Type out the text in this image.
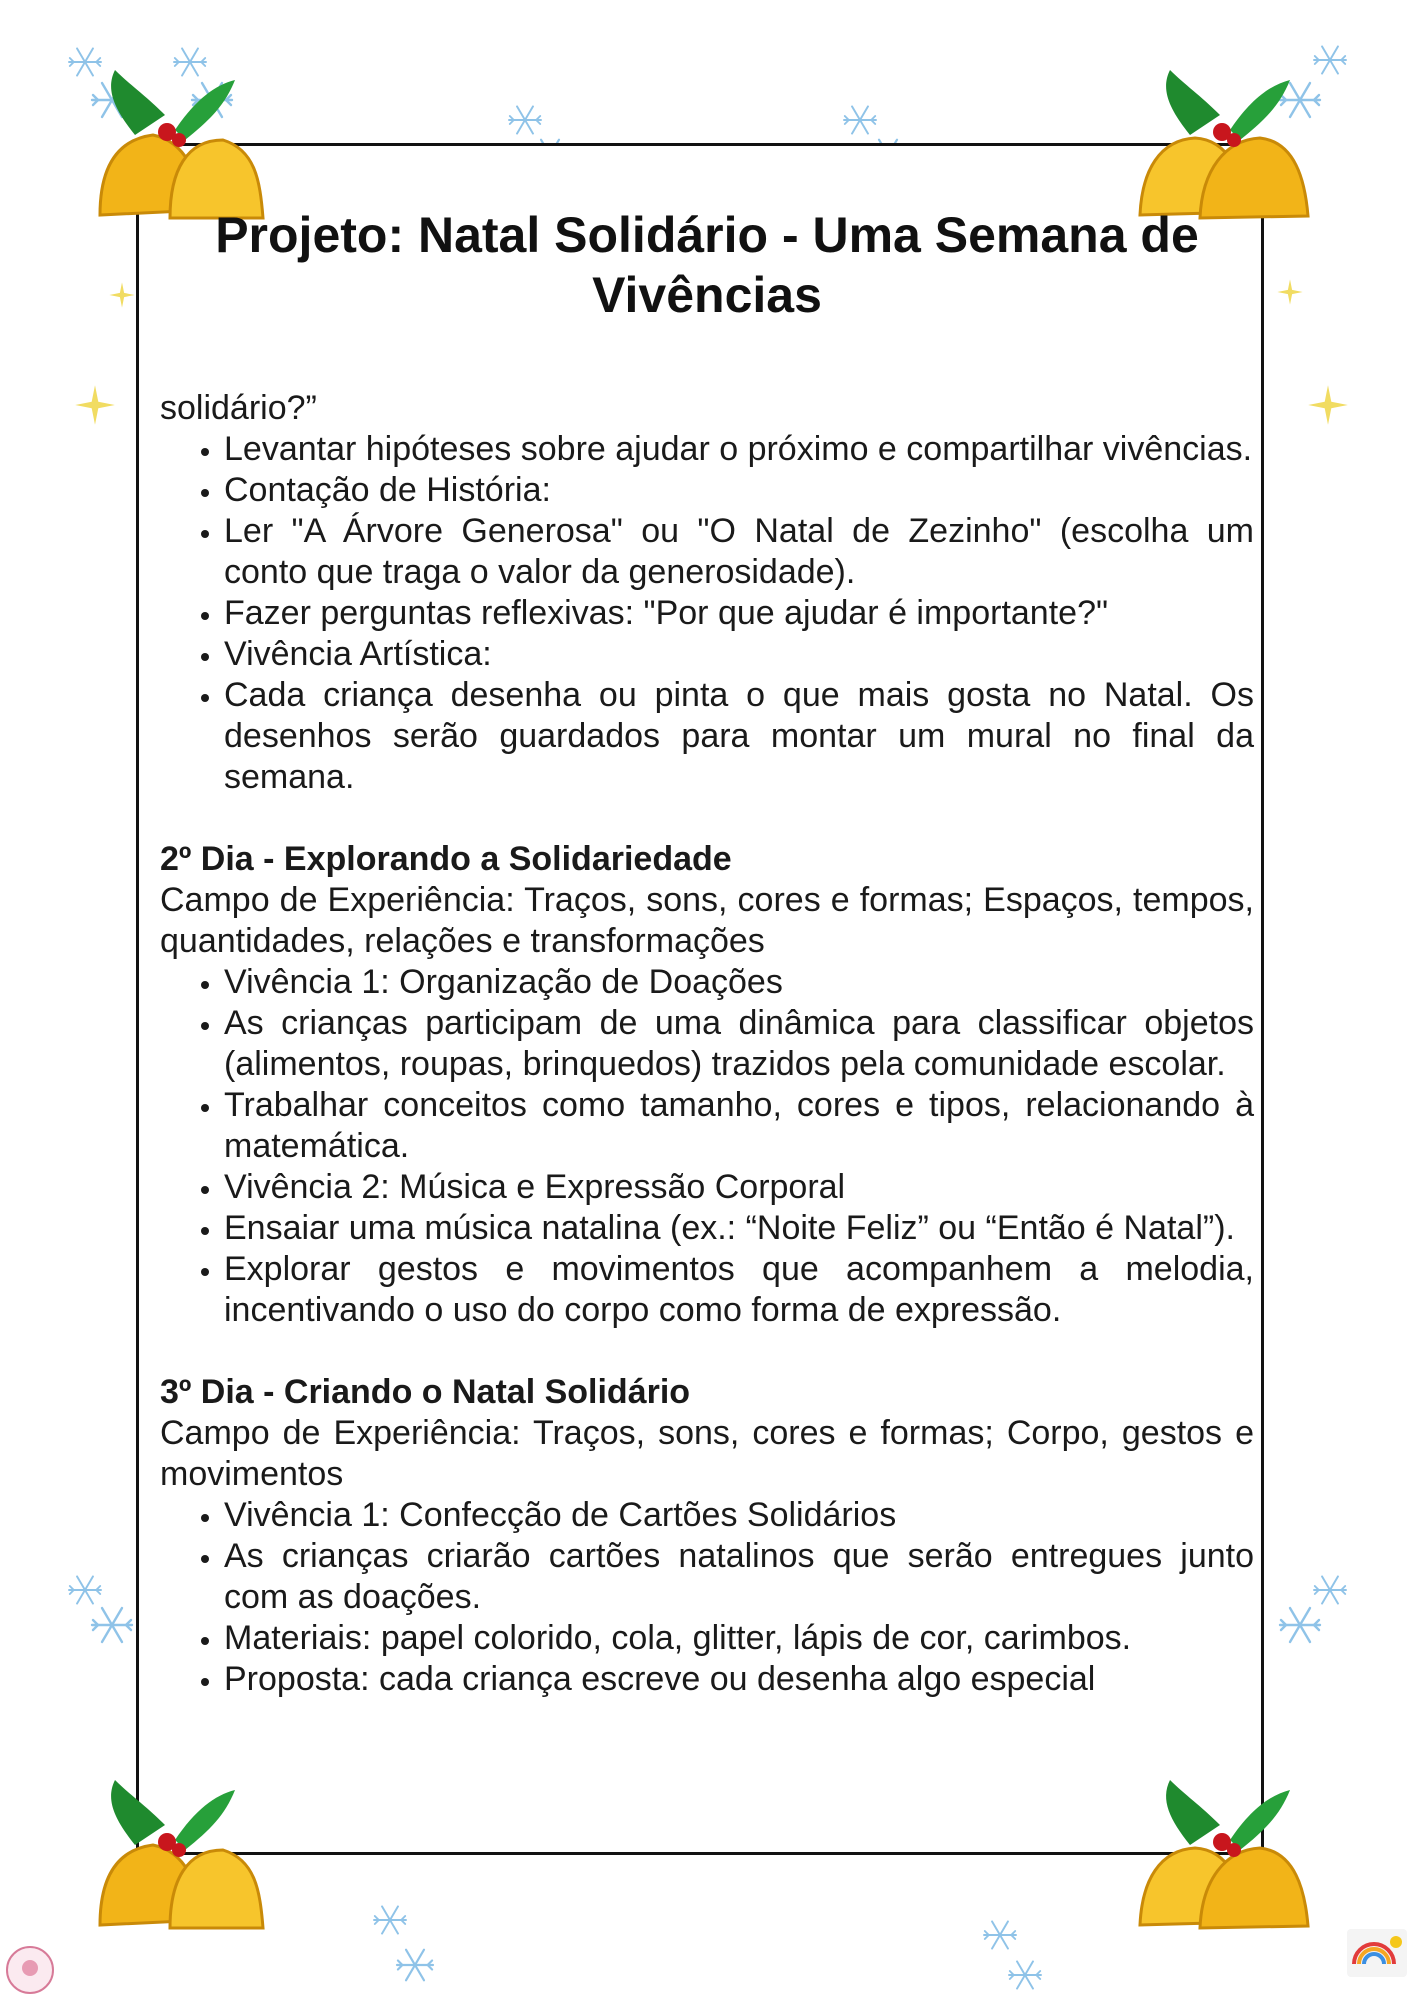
Projeto: Natal Solidário - Uma Semana de Vivências

solidário?”

• Levantar hipóteses sobre ajudar o próximo e compartilhar vivências.
• Contação de História:
• Ler "A Árvore Generosa" ou "O Natal de Zezinho" (escolha um conto que traga o valor da generosidade).
• Fazer perguntas reflexivas: "Por que ajudar é importante?"
• Vivência Artística:
• Cada criança desenha ou pinta o que mais gosta no Natal. Os desenhos serão guardados para montar um mural no final da semana.

2º Dia - Explorando a Solidariedade

Campo de Experiência: Traços, sons, cores e formas; Espaços, tempos, quantidades, relações e transformações

• Vivência 1: Organização de Doações
• As crianças participam de uma dinâmica para classificar objetos (alimentos, roupas, brinquedos) trazidos pela comunidade escolar.
• Trabalhar conceitos como tamanho, cores e tipos, relacionando à matemática.
• Vivência 2: Música e Expressão Corporal
• Ensaiar uma música natalina (ex.: “Noite Feliz” ou “Então é Natal”).
• Explorar gestos e movimentos que acompanhem a melodia, incentivando o uso do corpo como forma de expressão.

3º Dia - Criando o Natal Solidário

Campo de Experiência: Traços, sons, cores e formas; Corpo, gestos e movimentos

• Vivência 1: Confecção de Cartões Solidários
• As crianças criarão cartões natalinos que serão entregues junto com as doações.
• Materiais: papel colorido, cola, glitter, lápis de cor, carimbos.
• Proposta: cada criança escreve ou desenha algo especial
